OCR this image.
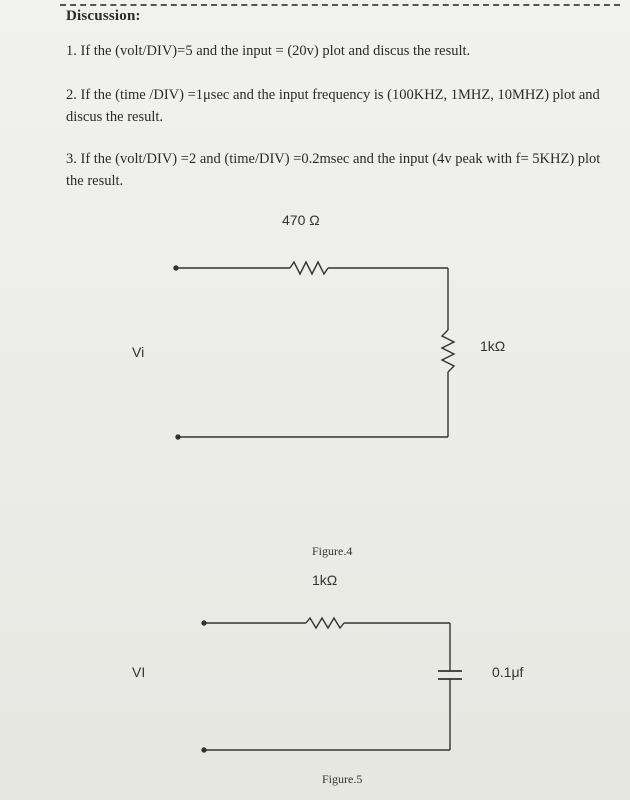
Discussion:
1. If the (volt/DIV)=5 and the input = (20v) plot and discus the result.
2. If the (time /DIV) =1μsec and the input frequency is (100KHZ, 1MHZ, 10MHZ) plot and discus the result.
3. If the (volt/DIV) =2 and (time/DIV) =0.2msec and the input (4v peak with f= 5KHZ) plot the result.
470 Ω
Vi	1kΩ
Figure.4
1kΩ
VI	0.1μf
Figure.5
